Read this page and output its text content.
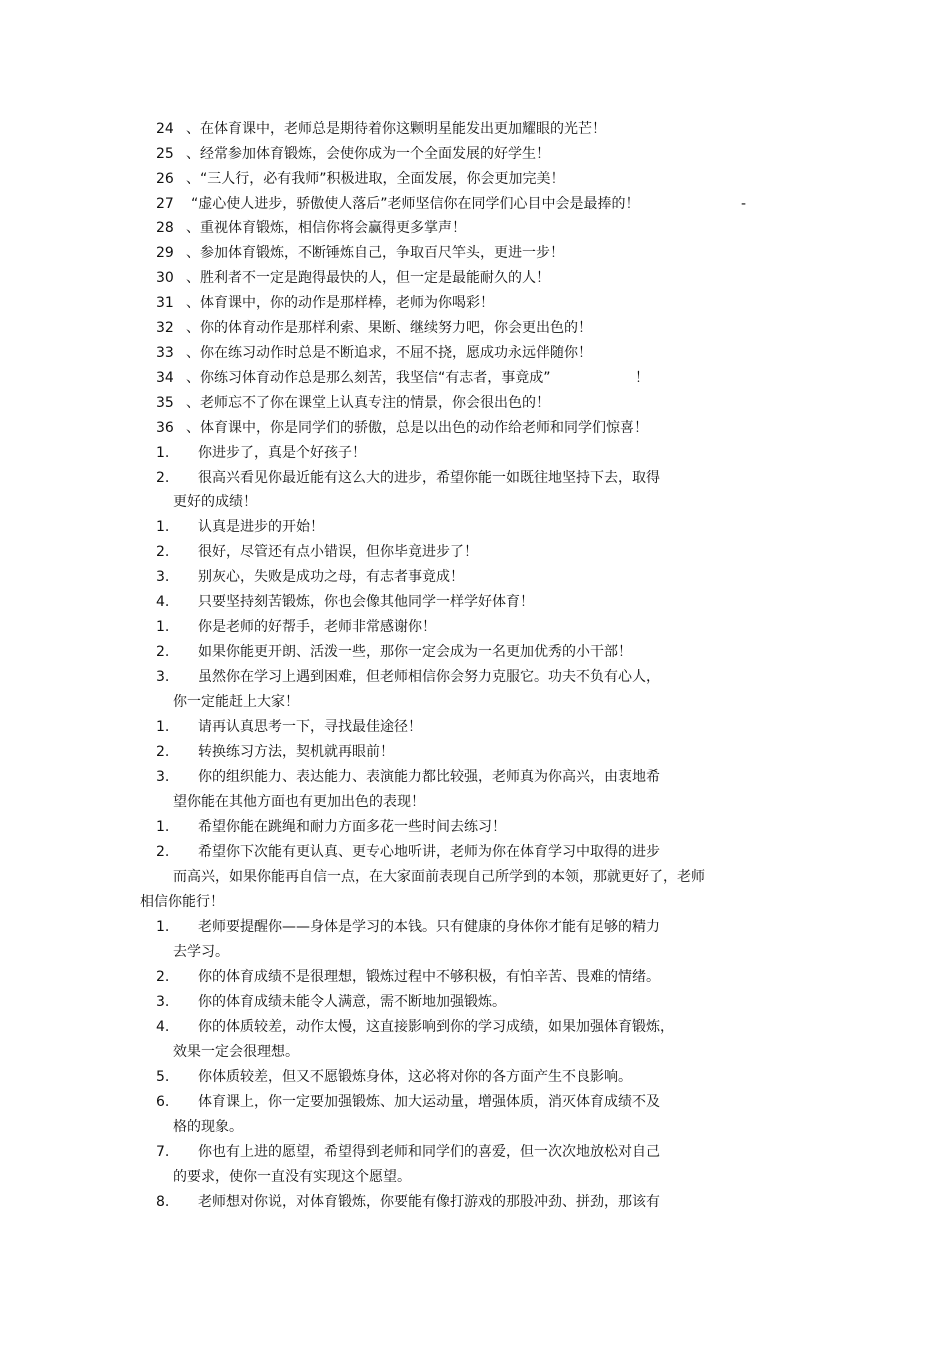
24 、在体育课中，老师总是期待着你这颗明星能发出更加耀眼的光芒！
25 、经常参加体育锻炼，会使你成为一个全面发展的好学生！
26 、“三人行，必有我师”积极进取，全面发展，你会更加完美！
27 “虚心使人进步，骄傲使人落后”老师坚信你在同学们心目中会是最捧的！	-
28 、重视体育锻炼，相信你将会赢得更多掌声！
29 、参加体育锻炼，不断锤炼自己，争取百尺竿头，更进一步！
30 、胜利者不一定是跑得最快的人，但一定是最能耐久的人！
31 、体育课中，你的动作是那样棒，老师为你喝彩！
32 、你的体育动作是那样利索、果断、继续努力吧，你会更出色的！
33 、你在练习动作时总是不断追求，不屈不挠，愿成功永远伴随你！
34 、你练习体育动作总是那么刻苦，我坚信“有志者，事竟成”	！
35 、老师忘不了你在课堂上认真专注的情景，你会很出色的！
36 、体育课中，你是同学们的骄傲，总是以出色的动作给老师和同学们惊喜！
1. 你进步了，真是个好孩子！
2. 很高兴看见你最近能有这么大的进步，希望你能一如既往地坚持下去，取得
更好的成绩！
1. 认真是进步的开始！
2. 很好，尽管还有点小错误，但你毕竟进步了！
3. 别灰心，失败是成功之母，有志者事竟成！
4. 只要坚持刻苦锻炼，你也会像其他同学一样学好体育！
1. 你是老师的好帮手，老师非常感谢你！
2. 如果你能更开朗、活泼一些，那你一定会成为一名更加优秀的小干部！
3. 虽然你在学习上遇到困难，但老师相信你会努力克服它。功夫不负有心人，
你一定能赶上大家！
1. 请再认真思考一下，寻找最佳途径！
2. 转换练习方法，契机就再眼前！
3. 你的组织能力、表达能力、表演能力都比较强，老师真为你高兴，由衷地希
望你能在其他方面也有更加出色的表现！
1. 希望你能在跳绳和耐力方面多花一些时间去练习！
2. 希望你下次能有更认真、更专心地听讲，老师为你在体育学习中取得的进步
而高兴，如果你能再自信一点，在大家面前表现自己所学到的本领，那就更好了，老师
相信你能行！
1. 老师要提醒你——身体是学习的本钱。只有健康的身体你才能有足够的精力
去学习。
2. 你的体育成绩不是很理想，锻炼过程中不够积极，有怕辛苦、畏难的情绪。
3. 你的体育成绩未能令人满意，需不断地加强锻炼。
4. 你的体质较差，动作太慢，这直接影响到你的学习成绩，如果加强体育锻炼，
效果一定会很理想。
5. 你体质较差，但又不愿锻炼身体，这必将对你的各方面产生不良影响。
6. 体育课上，你一定要加强锻炼、加大运动量，增强体质，消灭体育成绩不及
格的现象。
7. 你也有上进的愿望，希望得到老师和同学们的喜爱，但一次次地放松对自己
的要求，使你一直没有实现这个愿望。
8. 老师想对你说，对体育锻炼，你要能有像打游戏的那股冲劲、拼劲，那该有
